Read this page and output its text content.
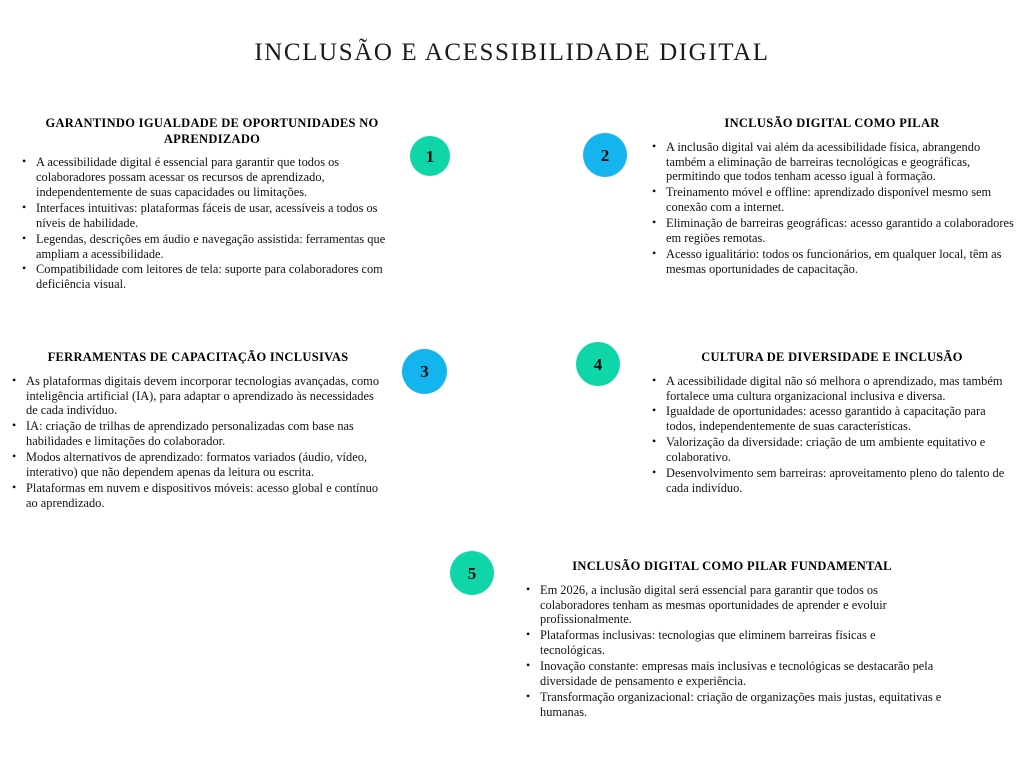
INCLUSÃO E ACESSIBILIDADE DIGITAL
GARANTINDO IGUALDADE DE OPORTUNIDADES NO APRENDIZADO
• A acessibilidade digital é essencial para garantir que todos os colaboradores possam acessar os recursos de aprendizado, independentemente de suas capacidades ou limitações.
• Interfaces intuitivas: plataformas fáceis de usar, acessíveis a todos os níveis de habilidade.
• Legendas, descrições em áudio e navegação assistida: ferramentas que ampliam a acessibilidade.
• Compatibilidade com leitores de tela: suporte para colaboradores com deficiência visual.
1
INCLUSÃO DIGITAL COMO PILAR
• A inclusão digital vai além da acessibilidade física, abrangendo também a eliminação de barreiras tecnológicas e geográficas, permitindo que todos tenham acesso igual à formação.
• Treinamento móvel e offline: aprendizado disponível mesmo sem conexão com a internet.
• Eliminação de barreiras geográficas: acesso garantido a colaboradores em regiões remotas.
• Acesso igualitário: todos os funcionários, em qualquer local, têm as mesmas oportunidades de capacitação.
2
FERRAMENTAS DE CAPACITAÇÃO INCLUSIVAS
• As plataformas digitais devem incorporar tecnologias avançadas, como inteligência artificial (IA), para adaptar o aprendizado às necessidades de cada indivíduo.
• IA: criação de trilhas de aprendizado personalizadas com base nas habilidades e limitações do colaborador.
• Modos alternativos de aprendizado: formatos variados (áudio, vídeo, interativo) que não dependem apenas da leitura ou escrita.
• Plataformas em nuvem e dispositivos móveis: acesso global e contínuo ao aprendizado.
3
CULTURA DE DIVERSIDADE E INCLUSÃO
• A acessibilidade digital não só melhora o aprendizado, mas também fortalece uma cultura organizacional inclusiva e diversa.
• Igualdade de oportunidades: acesso garantido à capacitação para todos, independentemente de suas características.
• Valorização da diversidade: criação de um ambiente equitativo e colaborativo.
• Desenvolvimento sem barreiras: aproveitamento pleno do talento de cada indivíduo.
4
INCLUSÃO DIGITAL COMO PILAR FUNDAMENTAL
• Em 2026, a inclusão digital será essencial para garantir que todos os colaboradores tenham as mesmas oportunidades de aprender e evoluir profissionalmente.
• Plataformas inclusivas: tecnologias que eliminem barreiras físicas e tecnológicas.
• Inovação constante: empresas mais inclusivas e tecnológicas se destacarão pela diversidade de pensamento e experiência.
• Transformação organizacional: criação de organizações mais justas, equitativas e humanas.
5
